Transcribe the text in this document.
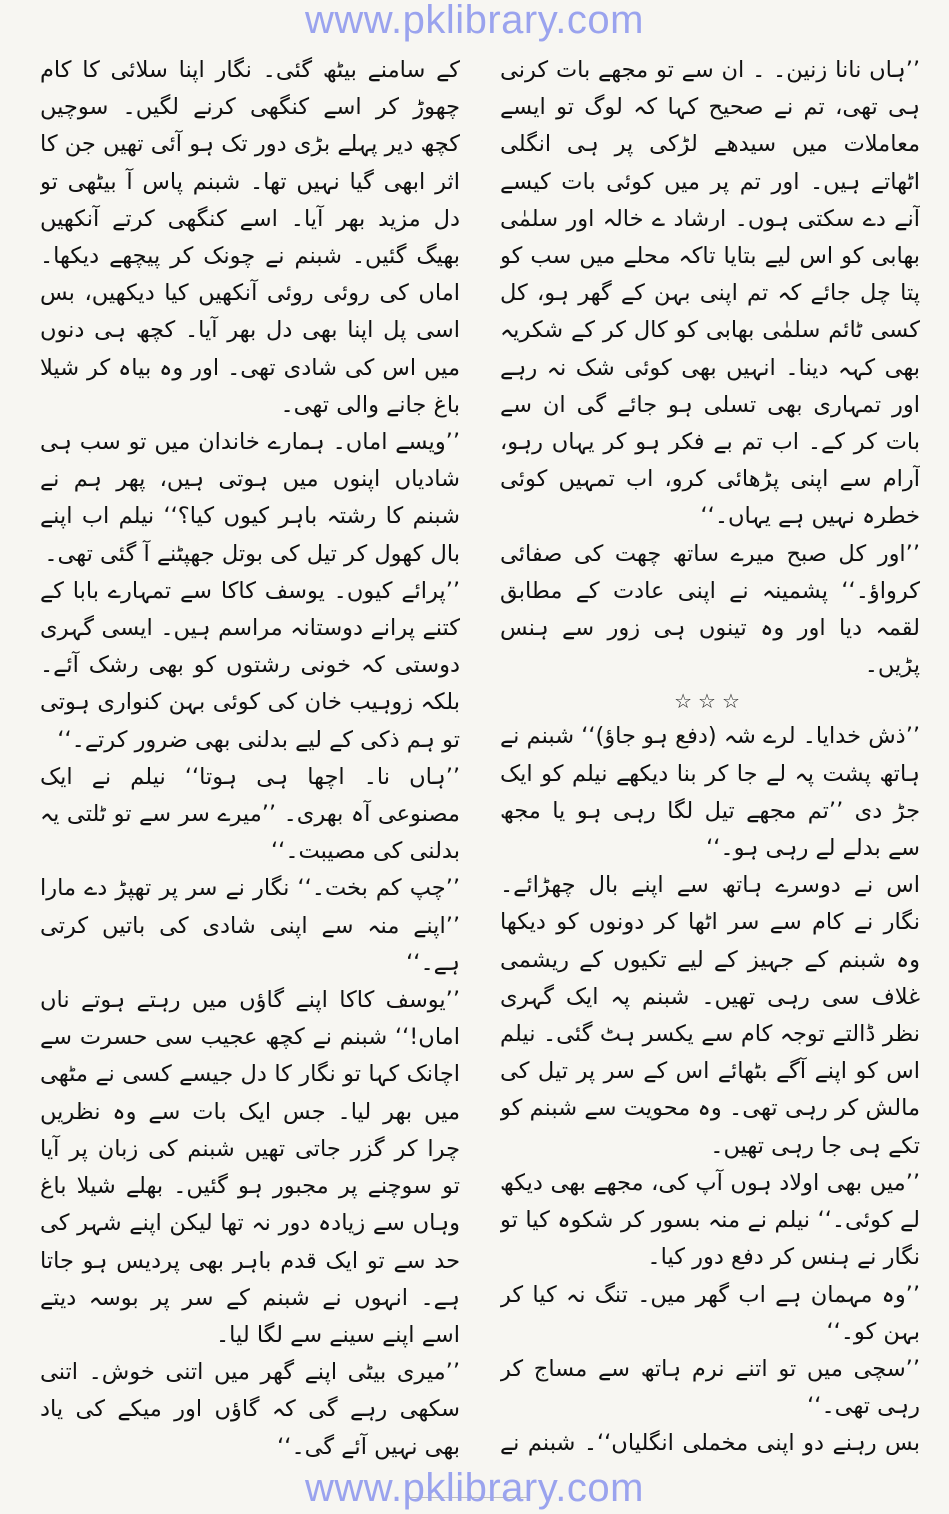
www.pklibrary.com

’’ہاں نانا زنین۔ ۔ ان سے تو مجھے بات کرنی ہی تھی، تم نے صحیح کہا کہ لوگ تو ایسے معاملات میں سیدھے لڑکی پر ہی انگلی اٹھاتے ہیں۔ اور تم پر میں کوئی بات کیسے آنے دے سکتی ہوں۔ ارشاد ے خالہ اور سلمٰی بھابی کو اس لیے بتایا تاکہ محلے میں سب کو پتا چل جائے کہ تم اپنی بہن کے گھر ہو، کل کسی ٹائم سلمٰی بھابی کو کال کر کے شکریہ بھی کہہ دینا۔ انہیں بھی کوئی شک نہ رہے اور تمہاری بھی تسلی ہو جائے گی ان سے بات کر کے۔ اب تم بے فکر ہو کر یہاں رہو، آرام سے اپنی پڑھائی کرو، اب تمہیں کوئی خطرہ نہیں ہے یہاں۔‘‘

’’اور کل صبح میرے ساتھ چھت کی صفائی کرواؤ۔‘‘ پشمینہ نے اپنی عادت کے مطابق لقمہ دیا اور وہ تینوں ہی زور سے ہنس پڑیں۔

☆☆☆

’’ذش خدایا۔ لرے شہ (دفع ہو جاؤ)‘‘ شبنم نے ہاتھ پشت پہ لے جا کر بنا دیکھے نیلم کو ایک جڑ دی ’’تم مجھے تیل لگا رہی ہو یا مجھ سے بدلے لے رہی ہو۔‘‘

اس نے دوسرے ہاتھ سے اپنے بال چھڑائے۔ نگار نے کام سے سر اٹھا کر دونوں کو دیکھا وہ شبنم کے جہیز کے لیے تکیوں کے ریشمی غلاف سی رہی تھیں۔ شبنم پہ ایک گہری نظر ڈالتے توجہ کام سے یکسر ہٹ گئی۔ نیلم اس کو اپنے آگے بٹھائے اس کے سر پر تیل کی مالش کر رہی تھی۔ وہ محویت سے شبنم کو تکے ہی جا رہی تھیں۔

’’میں بھی اولاد ہوں آپ کی، مجھے بھی دیکھ لے کوئی۔‘‘ نیلم نے منہ بسور کر شکوہ کیا تو نگار نے ہنس کر دفع دور کیا۔

’’وہ مہمان ہے اب گھر میں۔ تنگ نہ کیا کر بہن کو۔‘‘

’’سچی میں تو اتنے نرم ہاتھ سے مساج کر رہی تھی۔‘‘

بس رہنے دو اپنی مخملی انگلیاں‘‘۔ شبنم نے

کے سامنے بیٹھ گئی۔ نگار اپنا سلائی کا کام چھوڑ کر اسے کنگھی کرنے لگیں۔ سوچیں کچھ دیر پہلے بڑی دور تک ہو آئی تھیں جن کا اثر ابھی گیا نہیں تھا۔ شبنم پاس آ بیٹھی تو دل مزید بھر آیا۔ اسے کنگھی کرتے آنکھیں بھیگ گئیں۔ شبنم نے چونک کر پیچھے دیکھا۔ اماں کی روئی روئی آنکھیں کیا دیکھیں، بس اسی پل اپنا بھی دل بھر آیا۔ کچھ ہی دنوں میں اس کی شادی تھی۔ اور وہ بیاہ کر شیلا باغ جانے والی تھی۔

’’ویسے اماں۔ ہمارے خاندان میں تو سب ہی شادیاں اپنوں میں ہوتی ہیں، پھر ہم نے شبنم کا رشتہ باہر کیوں کیا؟‘‘ نیلم اب اپنے بال کھول کر تیل کی بوتل جھپٹنے آ گئی تھی۔

’’پرائے کیوں۔ یوسف کاکا سے تمہارے بابا کے کتنے پرانے دوستانہ مراسم ہیں۔ ایسی گہری دوستی کہ خونی رشتوں کو بھی رشک آئے۔ بلکہ زوہیب خان کی کوئی بہن کنواری ہوتی تو ہم ذکی کے لیے بدلنی بھی ضرور کرتے۔‘‘

’’ہاں نا۔ اچھا ہی ہوتا‘‘ نیلم نے ایک مصنوعی آہ بھری۔ ’’میرے سر سے تو ٹلتی یہ بدلنی کی مصیبت۔‘‘

’’چپ کم بخت۔‘‘ نگار نے سر پر تھپڑ دے مارا ’’اپنے منہ سے اپنی شادی کی باتیں کرتی ہے۔‘‘

’’یوسف کاکا اپنے گاؤں میں رہتے ہوتے ناں اماں!‘‘ شبنم نے کچھ عجیب سی حسرت سے اچانک کہا تو نگار کا دل جیسے کسی نے مٹھی میں بھر لیا۔ جس ایک بات سے وہ نظریں چرا کر گزر جاتی تھیں شبنم کی زبان پر آیا تو سوچنے پر مجبور ہو گئیں۔ بھلے شیلا باغ وہاں سے زیادہ دور نہ تھا لیکن اپنے شہر کی حد سے تو ایک قدم باہر بھی پردیس ہو جاتا ہے۔ انہوں نے شبنم کے سر پر بوسہ دیتے اسے اپنے سینے سے لگا لیا۔

’’میری بیٹی اپنے گھر میں اتنی خوش۔ اتنی سکھی رہے گی کہ گاؤں اور میکے کی یاد بھی نہیں آئے گی۔‘‘

www.pklibrary.com
